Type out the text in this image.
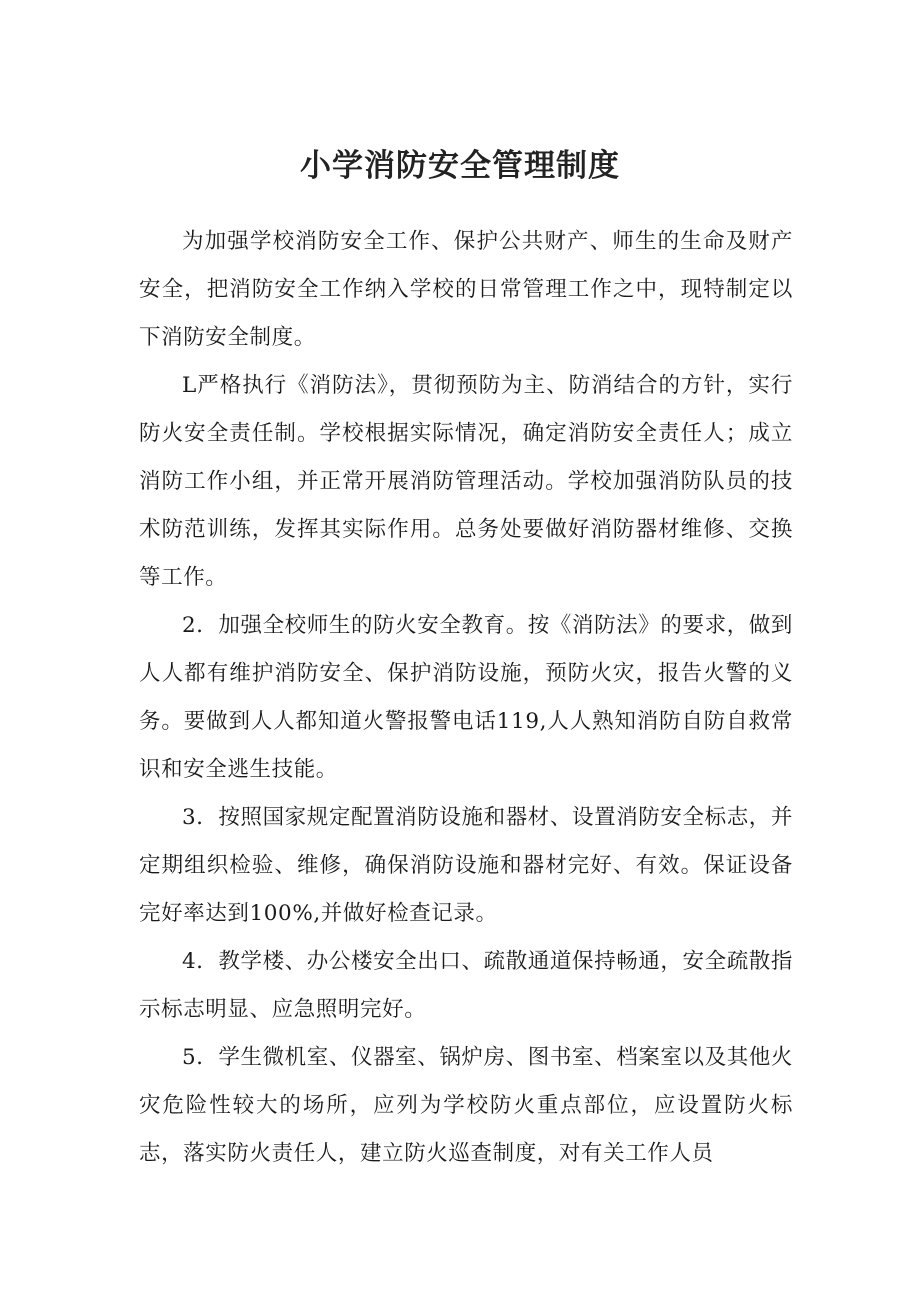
小学消防安全管理制度

为加强学校消防安全工作、保护公共财产、师生的生命及财产安全，把消防安全工作纳入学校的日常管理工作之中，现特制定以下消防安全制度。

L严格执行《消防法》，贯彻预防为主、防消结合的方针，实行防火安全责任制。学校根据实际情况，确定消防安全责任人；成立消防工作小组，并正常开展消防管理活动。学校加强消防队员的技术防范训练，发挥其实际作用。总务处要做好消防器材维修、交换等工作。

2．加强全校师生的防火安全教育。按《消防法》的要求，做到人人都有维护消防安全、保护消防设施，预防火灾，报告火警的义务。要做到人人都知道火警报警电话119,人人熟知消防自防自救常识和安全逃生技能。

3．按照国家规定配置消防设施和器材、设置消防安全标志，并定期组织检验、维修，确保消防设施和器材完好、有效。保证设备完好率达到100%,并做好检查记录。

4．教学楼、办公楼安全出口、疏散通道保持畅通，安全疏散指示标志明显、应急照明完好。

5．学生微机室、仪器室、锅炉房、图书室、档案室以及其他火灾危险性较大的场所，应列为学校防火重点部位，应设置防火标志，落实防火责任人，建立防火巡查制度，对有关工作人员
